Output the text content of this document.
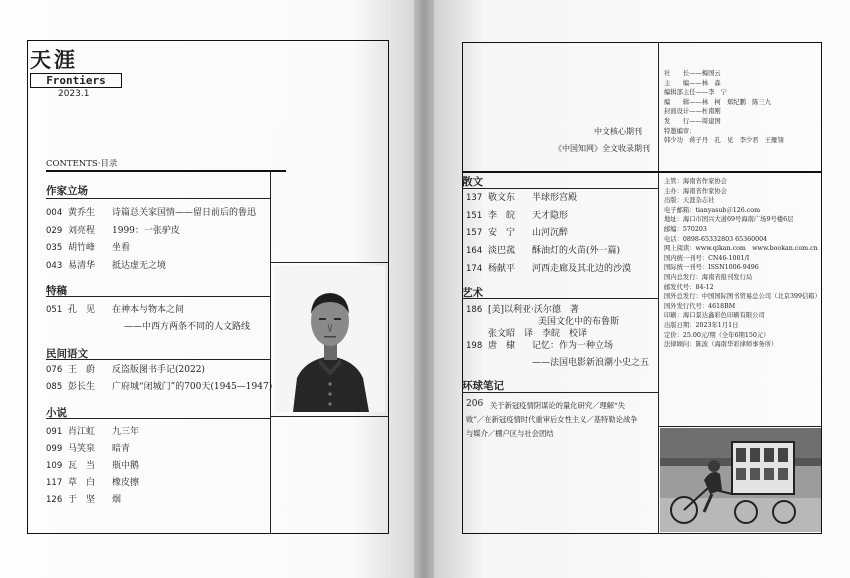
天涯
Frontiers
2023.1
CONTENTS·目录
作家立场
004 黄乔生 诗篇总关家国情——留日前后的鲁迅
029 刘亮程 1999：一张驴皮
035 胡竹峰 坐看
043 易清华 抵达虚无之境
特稿
051 孔　见 在神本与物本之间
——中西方两条不同的人文路线
民间语文
076 王　蔚 反盗版图书手记(2022)
085 彭长生 广府城“闭城门”的700天(1945—1947)
小说
091 肖江虹 九三年
099 马笑泉 暗青
109 瓦　当 瓶中鹅
117 草　白 橡皮擦
126 于　坚 烟
中文核心期刊
《中国知网》全文收录期刊
社　　长——梅国云
主　　编——林　森
编辑部主任——李　宁
编　　辑——林　柯　郑纪鹏　陈三九
封面设计——杜南刚
发　　行——周建国
特邀编审：
韩少功　蒋子丹　孔　见　李少君　王雁翎
散文
137 敬文东 半球形宫殿
151 李　皖 天才隐形
157 安　宁 山河沉醉
164 淡巴菰 酥油灯的火苗(外一篇)
174 杨献平 河西走廊及其北边的沙漠
艺术
186 [美]以利亚·沃尔德　著
美国文化中的布鲁斯
张文昭　译　李皖　校译
198 唐　棣 记忆：作为一种立场
——法国电影新浪潮小史之五
环球笔记
206 关于新冠疫情阴谋论的量化研究／理解“失
败”／在新冠疫情时代重审后女性主义／基特勒论战争
与媒介／棚户区与社会团结
主管：海南省作家协会
主办：海南省作家协会
出版：天涯杂志社
电子邮箱：tianyasub＠126.com
地址：海口市国兴大道69号海南广场9号楼6层
邮编：570203
电话：0898-65332803 65360004
网上阅读：www.qikan.com　www.bookan.com.cn
国内统一刊号：CN46-1001/I
国际统一刊号：ISSN1006-9496
国内总发行：海南省报刊发行局
邮发代号：84-12
国外总发行：中国国际图书贸易总公司（北京399信箱）
国外发行代号：4618BM
印刷：海口景达鑫彩色印刷有限公司
出版日期：2023年1月1日
定价：25.00元/期（全年6期150元）
法律顾问：陈波（海南华彩律师事务所）
